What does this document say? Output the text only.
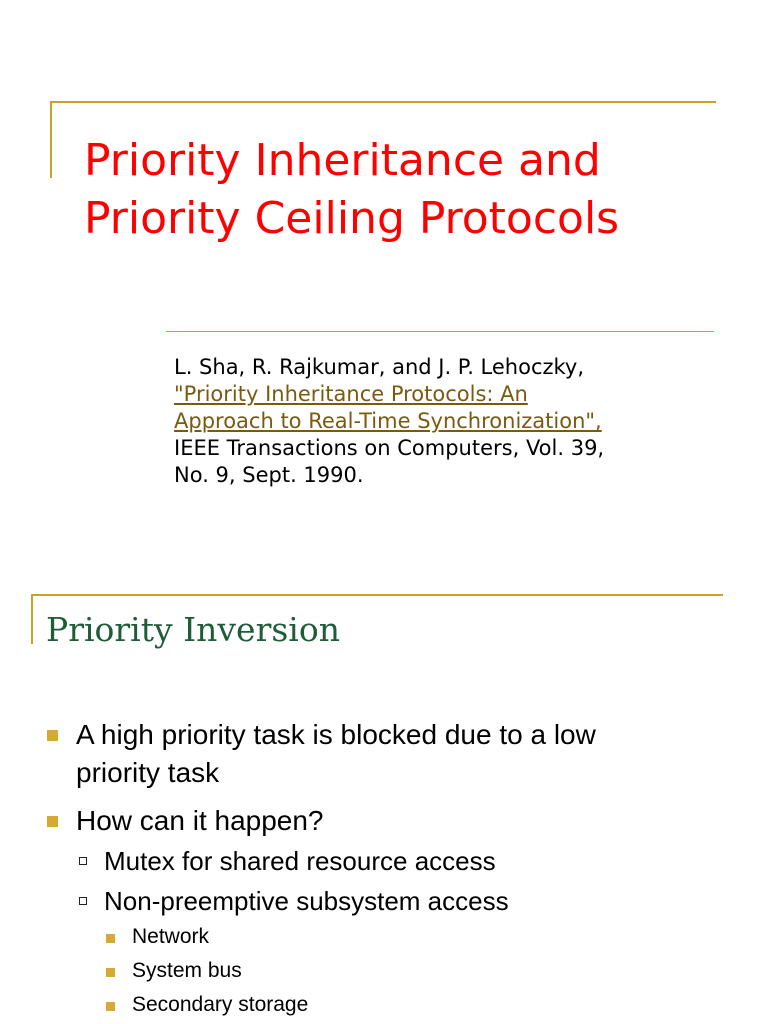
Priority Inheritance and
Priority Ceiling Protocols
L. Sha, R. Rajkumar, and J. P. Lehoczky,
"Priority Inheritance Protocols: An
Approach to Real-Time Synchronization",
IEEE Transactions on Computers, Vol. 39,
No. 9, Sept. 1990.
Priority Inversion
A high priority task is blocked due to a low
priority task
How can it happen?
Mutex for shared resource access
Non-preemptive subsystem access
Network
System bus
Secondary storage
